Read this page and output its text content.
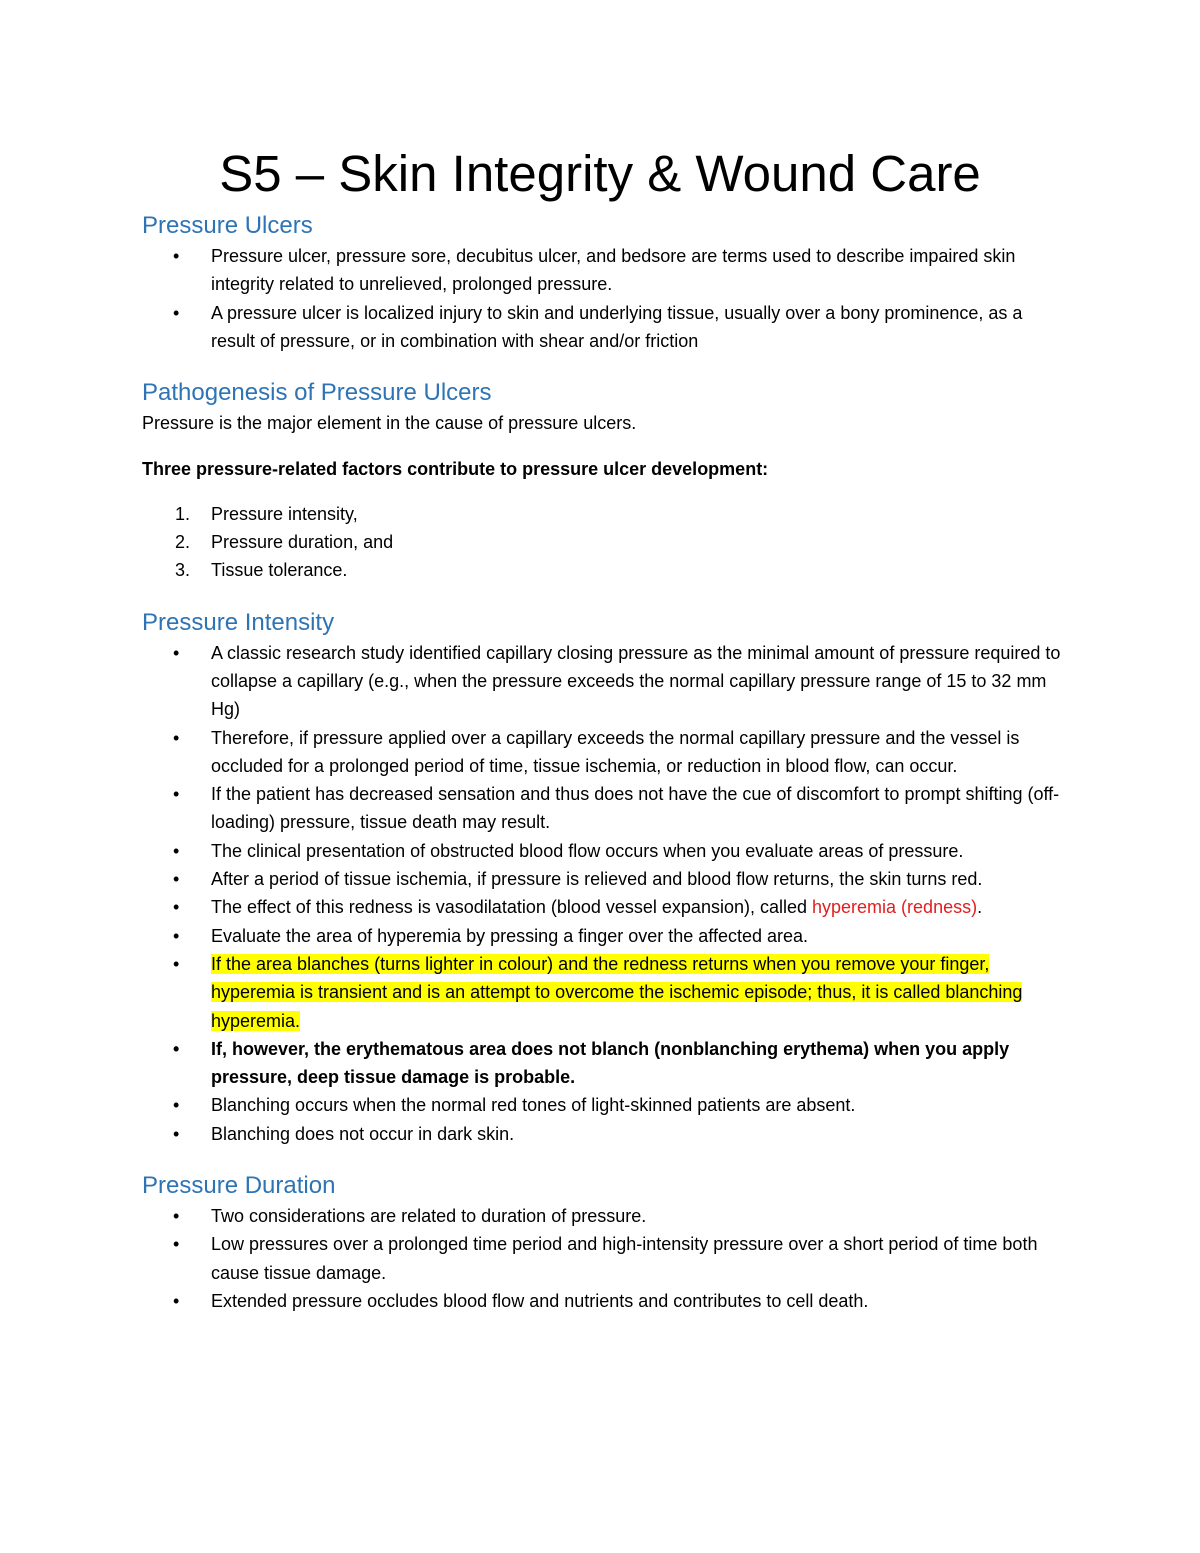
S5 – Skin Integrity & Wound Care
Pressure Ulcers
• Pressure ulcer, pressure sore, decubitus ulcer, and bedsore are terms used to describe impaired skin integrity related to unrelieved, prolonged pressure.
• A pressure ulcer is localized injury to skin and underlying tissue, usually over a bony prominence, as a result of pressure, or in combination with shear and/or friction
Pathogenesis of Pressure Ulcers

Pressure is the major element in the cause of pressure ulcers.

Three pressure-related factors contribute to pressure ulcer development:

1. Pressure intensity,
2. Pressure duration, and
3. Tissue tolerance.
Pressure Intensity
• A classic research study identified capillary closing pressure as the minimal amount of pressure required to collapse a capillary (e.g., when the pressure exceeds the normal capillary pressure range of 15 to 32 mm Hg)
• Therefore, if pressure applied over a capillary exceeds the normal capillary pressure and the vessel is occluded for a prolonged period of time, tissue ischemia, or reduction in blood flow, can occur.
• If the patient has decreased sensation and thus does not have the cue of discomfort to prompt shifting (off-loading) pressure, tissue death may result.
• The clinical presentation of obstructed blood flow occurs when you evaluate areas of pressure.
• After a period of tissue ischemia, if pressure is relieved and blood flow returns, the skin turns red.
• The effect of this redness is vasodilatation (blood vessel expansion), called hyperemia (redness).
• Evaluate the area of hyperemia by pressing a finger over the affected area.
• If the area blanches (turns lighter in colour) and the redness returns when you remove your finger, hyperemia is transient and is an attempt to overcome the ischemic episode; thus, it is called blanching hyperemia.
• If, however, the erythematous area does not blanch (nonblanching erythema) when you apply pressure, deep tissue damage is probable.
• Blanching occurs when the normal red tones of light-skinned patients are absent.
• Blanching does not occur in dark skin.
Pressure Duration
• Two considerations are related to duration of pressure.
• Low pressures over a prolonged time period and high-intensity pressure over a short period of time both cause tissue damage.
• Extended pressure occludes blood flow and nutrients and contributes to cell death.
